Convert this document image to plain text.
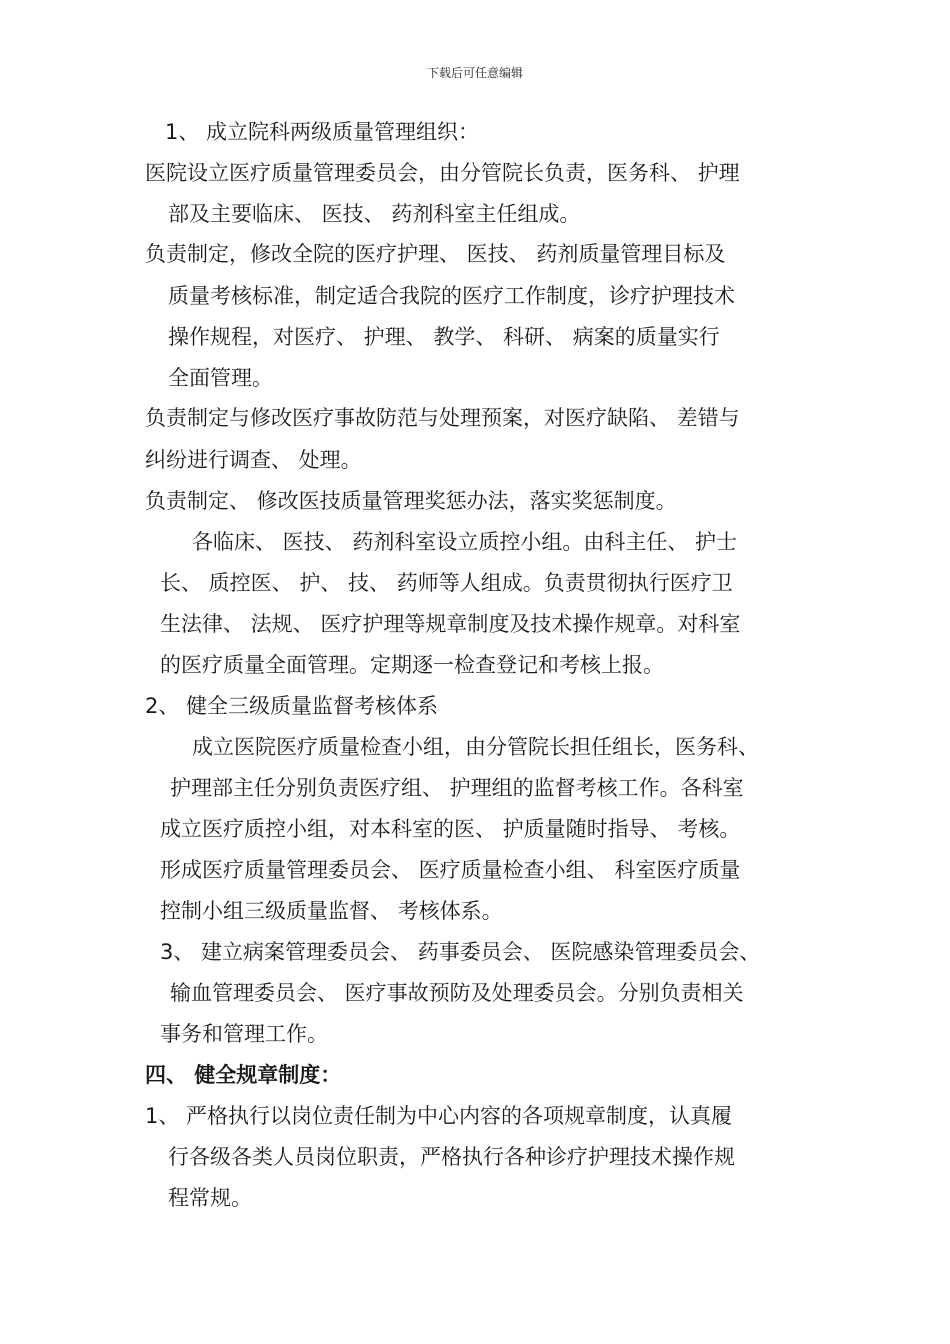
下载后可任意编辑
1、 成立院科两级质量管理组织：
医院设立医疗质量管理委员会，由分管院长负责，医务科、 护理
部及主要临床、 医技、 药剂科室主任组成。
负责制定，修改全院的医疗护理、 医技、 药剂质量管理目标及
质量考核标准，制定适合我院的医疗工作制度，诊疗护理技术
操作规程，对医疗、 护理、 教学、 科研、 病案的质量实行
全面管理。
负责制定与修改医疗事故防范与处理预案，对医疗缺陷、 差错与
纠纷进行调查、 处理。
负责制定、 修改医技质量管理奖惩办法，落实奖惩制度。
各临床、 医技、 药剂科室设立质控小组。由科主任、 护士
长、 质控医、 护、 技、 药师等人组成。负责贯彻执行医疗卫
生法律、 法规、 医疗护理等规章制度及技术操作规章。对科室
的医疗质量全面管理。定期逐一检查登记和考核上报。
2、 健全三级质量监督考核体系
成立医院医疗质量检查小组，由分管院长担任组长，医务科、
护理部主任分别负责医疗组、 护理组的监督考核工作。各科室
成立医疗质控小组，对本科室的医、 护质量随时指导、 考核。
形成医疗质量管理委员会、 医疗质量检查小组、 科室医疗质量
控制小组三级质量监督、 考核体系。
3、 建立病案管理委员会、 药事委员会、 医院感染管理委员会、
输血管理委员会、 医疗事故预防及处理委员会。分别负责相关
事务和管理工作。
四、 健全规章制度：
1、 严格执行以岗位责任制为中心内容的各项规章制度，认真履
行各级各类人员岗位职责，严格执行各种诊疗护理技术操作规
程常规。
